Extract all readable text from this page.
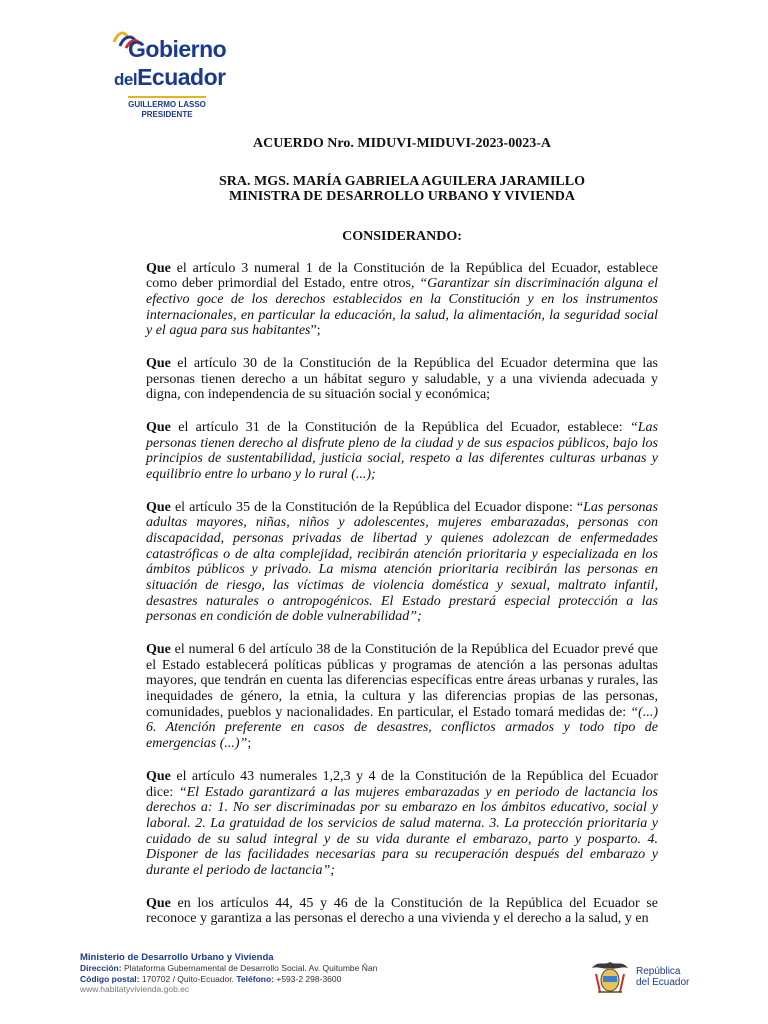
Gobierno
delEcuador
GUILLERMO LASSO
PRESIDENTE
ACUERDO Nro. MIDUVI-MIDUVI-2023-0023-A
SRA. MGS. MARÍA GABRIELA AGUILERA JARAMILLO
MINISTRA DE DESARROLLO URBANO Y VIVIENDA
CONSIDERANDO:

Que el artículo 3 numeral 1 de la Constitución de la República del Ecuador, establece como deber primordial del Estado, entre otros, “Garantizar sin discriminación alguna el efectivo goce de los derechos establecidos en la Constitución y en los instrumentos internacionales, en particular la educación, la salud, la alimentación, la seguridad social y el agua para sus habitantes”;

Que el artículo 30 de la Constitución de la República del Ecuador determina que las personas tienen derecho a un hábitat seguro y saludable, y a una vivienda adecuada y digna, con independencia de su situación social y económica;

Que el artículo 31 de la Constitución de la República del Ecuador, establece: “Las personas tienen derecho al disfrute pleno de la ciudad y de sus espacios públicos, bajo los principios de sustentabilidad, justicia social, respeto a las diferentes culturas urbanas y equilibrio entre lo urbano y lo rural (...);

Que el artículo 35 de la Constitución de la República del Ecuador dispone: “Las personas adultas mayores, niñas, niños y adolescentes, mujeres embarazadas, personas con discapacidad, personas privadas de libertad y quienes adolezcan de enfermedades catastróficas o de alta complejidad, recibirán atención prioritaria y especializada en los ámbitos públicos y privado. La misma atención prioritaria recibirán las personas en situación de riesgo, las víctimas de violencia doméstica y sexual, maltrato infantil, desastres naturales o antropogénicos. El Estado prestará especial protección a las personas en condición de doble vulnerabilidad”;

Que el numeral 6 del artículo 38 de la Constitución de la República del Ecuador prevé que el Estado establecerá políticas públicas y programas de atención a las personas adultas mayores, que tendrán en cuenta las diferencias específicas entre áreas urbanas y rurales, las inequidades de género, la etnia, la cultura y las diferencias propias de las personas, comunidades, pueblos y nacionalidades. En particular, el Estado tomará medidas de: “(...) 6. Atención preferente en casos de desastres, conflictos armados y todo tipo de emergencias (...)”;

Que el artículo 43 numerales 1,2,3 y 4 de la Constitución de la República del Ecuador dice: “El Estado garantizará a las mujeres embarazadas y en periodo de lactancia los derechos a: 1. No ser discriminadas por su embarazo en los ámbitos educativo, social y laboral. 2. La gratuidad de los servicios de salud materna. 3. La protección prioritaria y cuidado de su salud integral y de su vida durante el embarazo, parto y posparto. 4. Disponer de las facilidades necesarias para su recuperación después del embarazo y durante el periodo de lactancia”;

Que en los artículos 44, 45 y 46 de la Constitución de la República del Ecuador se reconoce y garantiza a las personas el derecho a una vivienda y el derecho a la salud, y en

Ministerio de Desarrollo Urbano y Vivienda
Dirección: Plataforma Gubernamental de Desarrollo Social. Av. Quitumbe Ñan
Código postal: 170702 / Quito-Ecuador. Teléfono: +593-2 298-3600
www.habitatyvivienda.gob.ec
República
del Ecuador
